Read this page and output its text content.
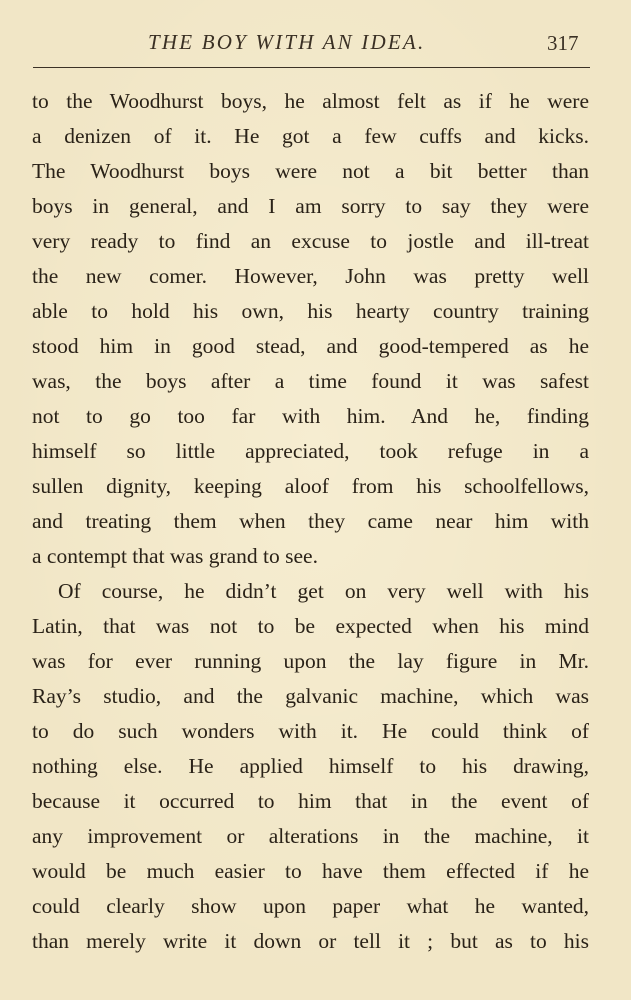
THE BOY WITH AN IDEA.	317
to the Woodhurst boys, he almost felt as if he were
a denizen of it. He got a few cuffs and kicks.
The Woodhurst boys were not a bit better than
boys in general, and I am sorry to say they were
very ready to find an excuse to jostle and ill-treat
the new comer. However, John was pretty well
able to hold his own, his hearty country training
stood him in good stead, and good-tempered as he
was, the boys after a time found it was safest
not to go too far with him. And he, finding
himself so little appreciated, took refuge in a
sullen dignity, keeping aloof from his schoolfellows,
and treating them when they came near him with
a contempt that was grand to see.
Of course, he didn’t get on very well with his
Latin, that was not to be expected when his mind
was for ever running upon the lay figure in Mr.
Ray’s studio, and the galvanic machine, which was
to do such wonders with it. He could think of
nothing else. He applied himself to his drawing,
because it occurred to him that in the event of
any improvement or alterations in the machine, it
would be much easier to have them effected if he
could clearly show upon paper what he wanted,
than merely write it down or tell it ; but as to his
